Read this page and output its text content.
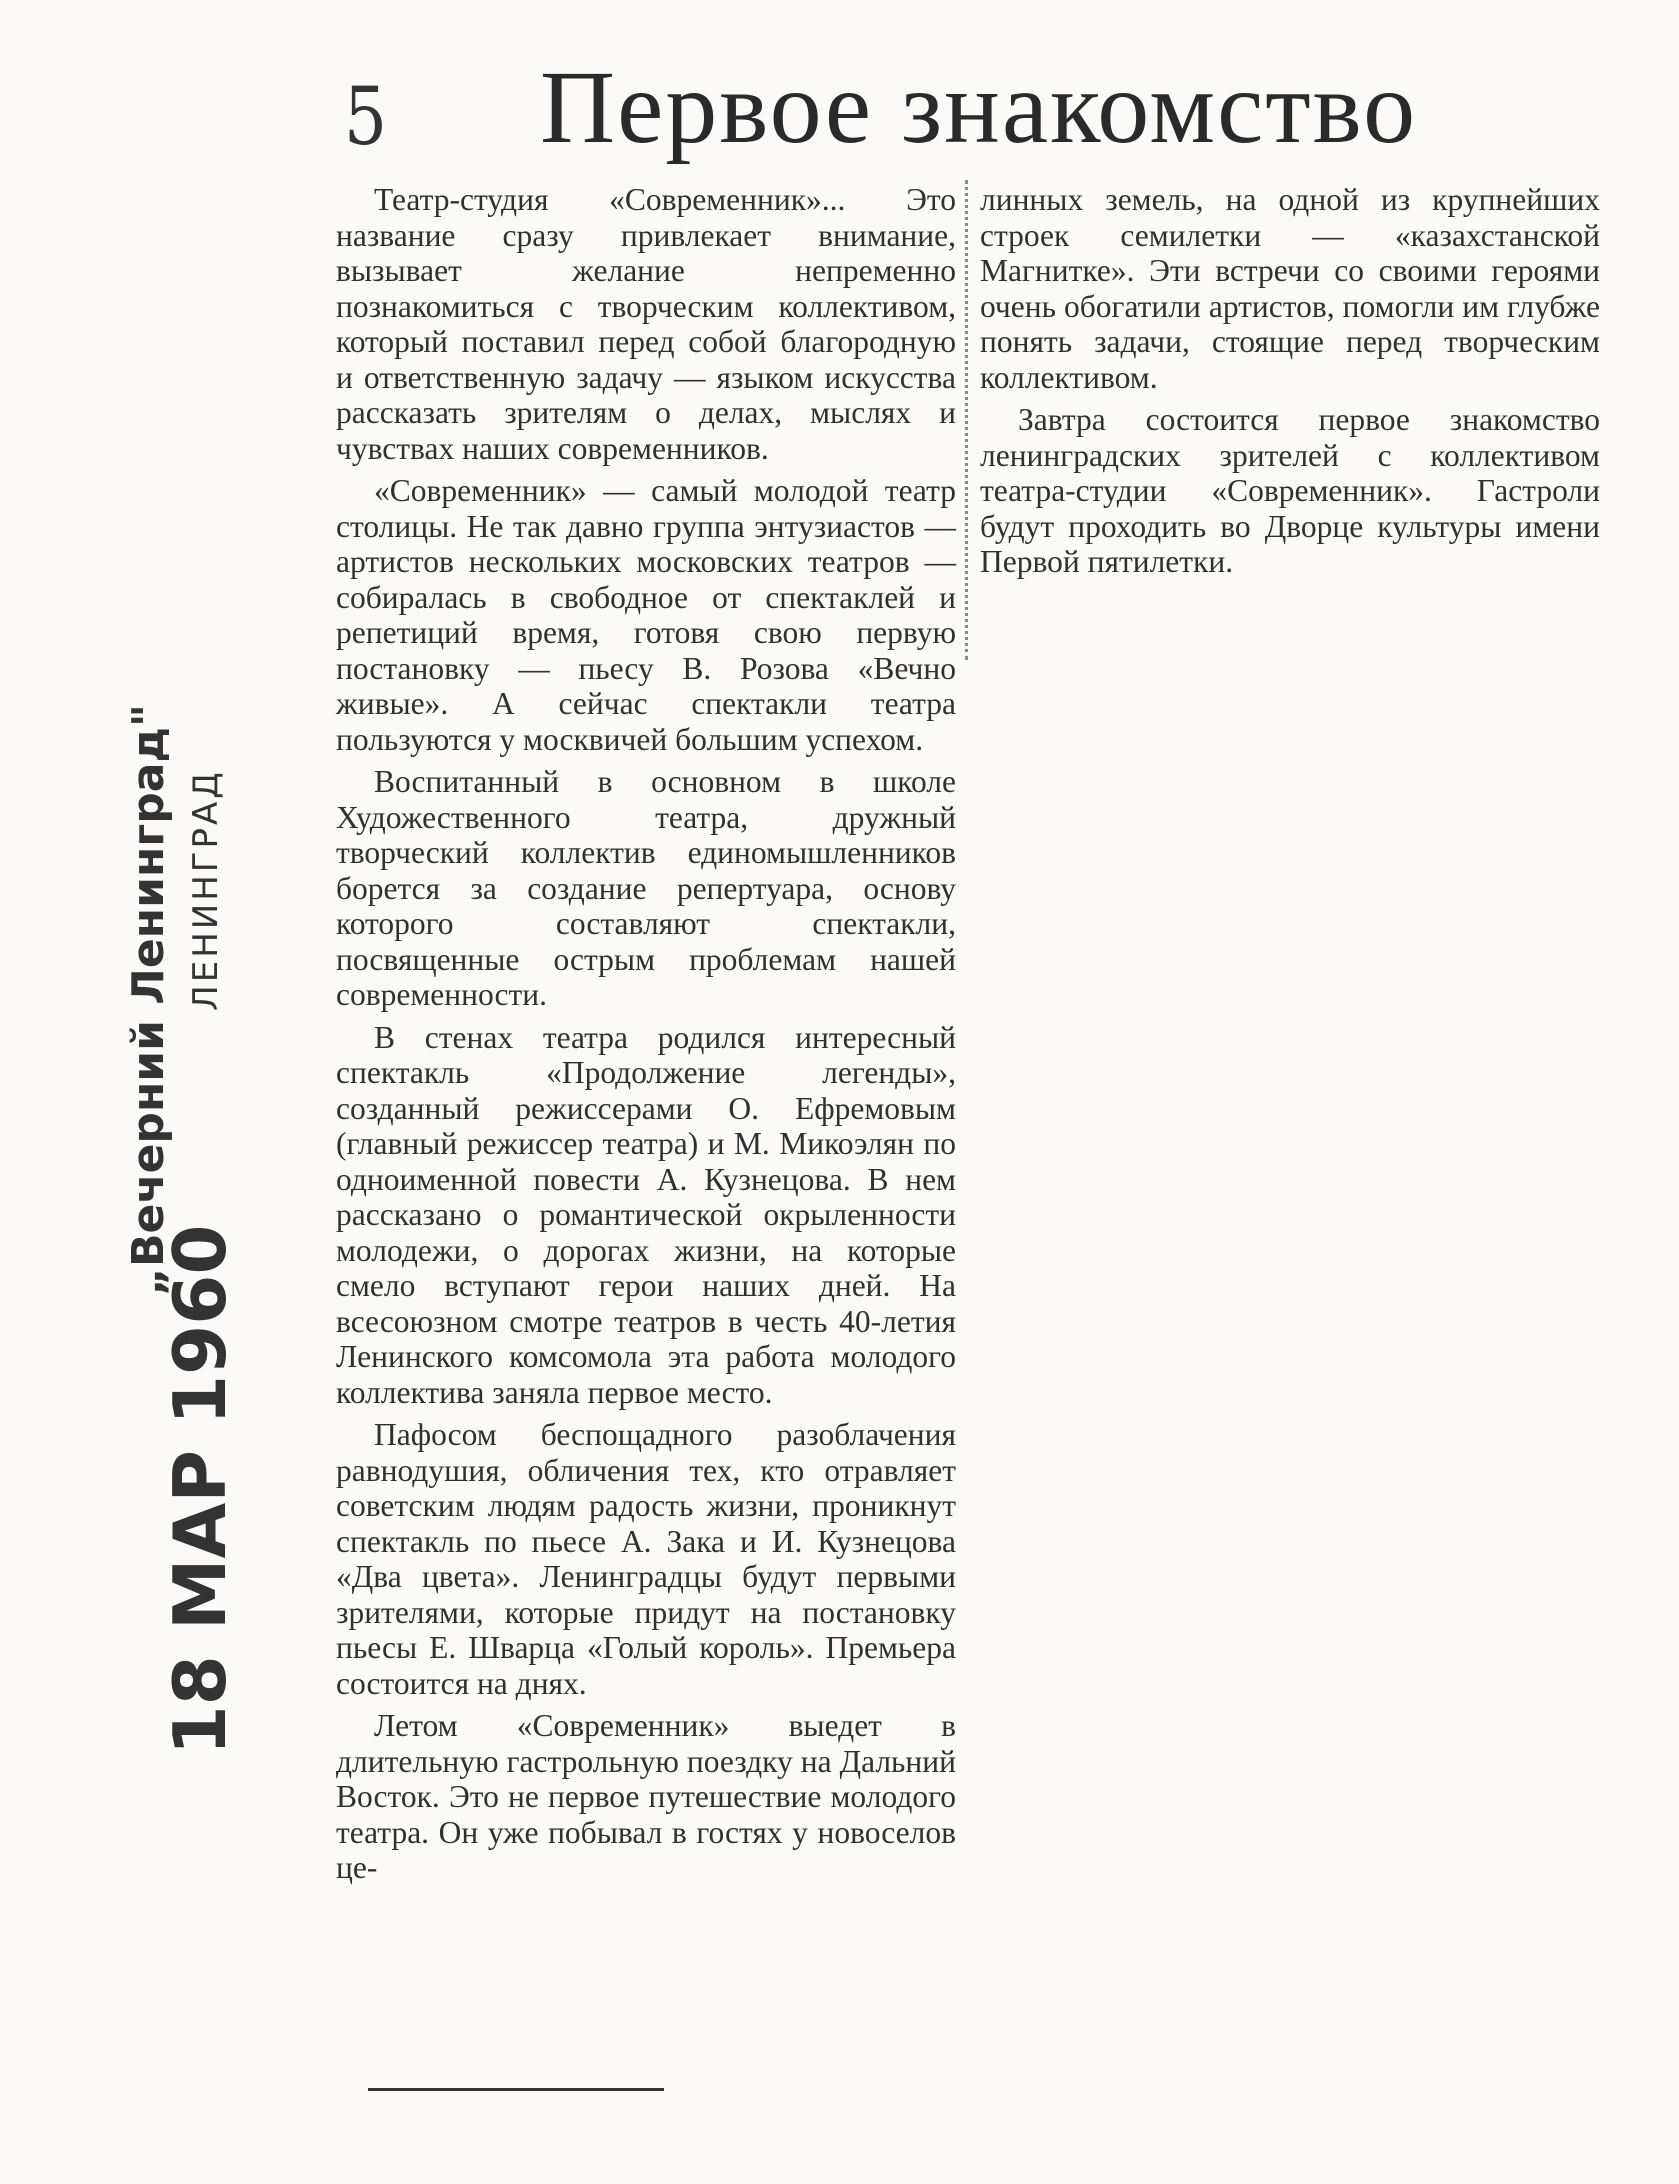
5 Первое знакомство

Театр-студия «Современник»... Это название сразу привлекает внимание, вызывает желание непременно познакомиться с творческим коллективом, который поставил перед собой благородную и ответственную задачу — языком искусства рассказать зрителям о делах, мыслях и чувствах наших современников.

«Современник» — самый молодой театр столицы. Не так давно группа энтузиастов — артистов нескольких московских театров — собиралась в свободное от спектаклей и репетиций время, готовя свою первую постановку — пьесу В. Розова «Вечно живые». А сейчас спектакли театра пользуются у москвичей большим успехом.

Воспитанный в основном в школе Художественного театра, дружный творческий коллектив единомышленников борется за создание репертуара, основу которого составляют спектакли, посвященные острым проблемам нашей современности.

В стенах театра родился интересный спектакль «Продолжение легенды», созданный режиссерами О. Ефремовым (главный режиссер театра) и М. Микоэлян по одноименной повести А. Кузнецова. В нем рассказано о романтической окрыленности молодежи, о дорогах жизни, на которые смело вступают герои наших дней. На всесоюзном смотре театров в честь 40-летия Ленинского комсомола эта работа молодого коллектива заняла первое место.

Пафосом беспощадного разоблачения равнодушия, обличения тех, кто отравляет советским людям радость жизни, проникнут спектакль по пьесе А. Зака и И. Кузнецова «Два цвета». Ленинградцы будут первыми зрителями, которые придут на постановку пьесы Е. Шварца «Голый король». Премьера состоится на днях.

Летом «Современник» выедет в длительную гастрольную поездку на Дальний Восток. Это не первое путешествие молодого театра. Он уже побывал в гостях у новоселов це-

линных земель, на одной из крупнейших строек семилетки — «казахстанской Магнитке». Эти встречи со своими героями очень обогатили артистов, помогли им глубже понять задачи, стоящие перед творческим коллективом.

Завтра состоится первое знакомство ленинградских зрителей с коллективом театра-студии «Современник». Гастроли будут проходить во Дворце культуры имени Первой пятилетки.

„Вечерний Ленинград" ЛЕНИНГРАД
18 МАР 1960
